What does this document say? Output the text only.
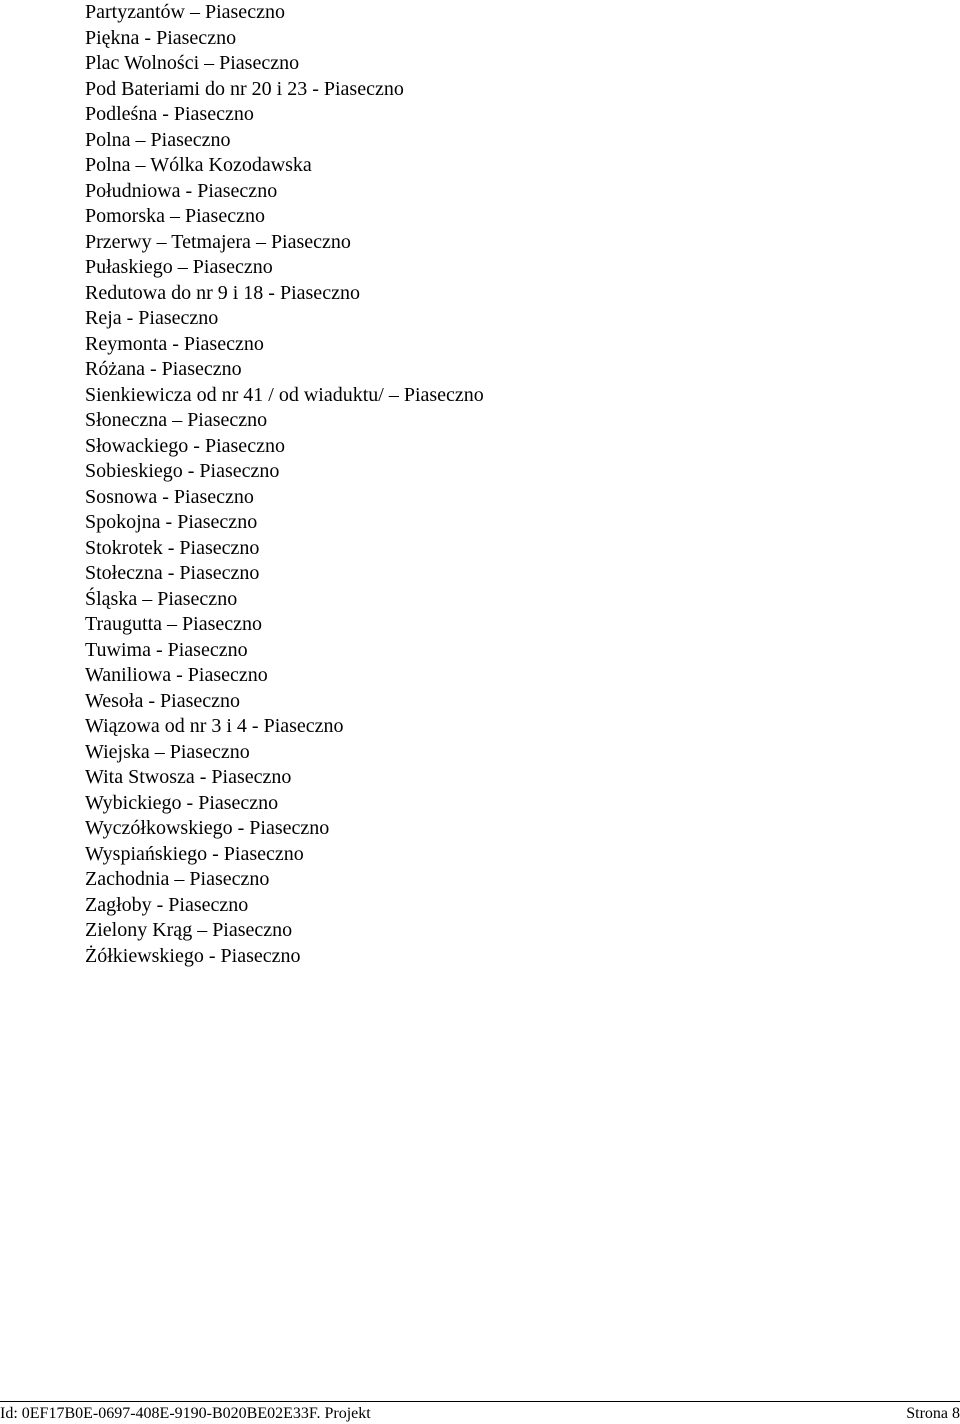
Partyzantów – Piaseczno
Piękna - Piaseczno
Plac Wolności – Piaseczno
Pod Bateriami do nr 20 i 23 - Piaseczno
Podleśna - Piaseczno
Polna – Piaseczno
Polna – Wólka Kozodawska
Południowa - Piaseczno
Pomorska – Piaseczno
Przerwy – Tetmajera – Piaseczno
Pułaskiego – Piaseczno
Redutowa do nr 9 i 18 - Piaseczno
Reja - Piaseczno
Reymonta - Piaseczno
Różana - Piaseczno
Sienkiewicza od nr 41 / od wiaduktu/ – Piaseczno
Słoneczna – Piaseczno
Słowackiego - Piaseczno
Sobieskiego - Piaseczno
Sosnowa - Piaseczno
Spokojna - Piaseczno
Stokrotek - Piaseczno
Stołeczna - Piaseczno
Śląska – Piaseczno
Traugutta – Piaseczno
Tuwima - Piaseczno
Waniliowa - Piaseczno
Wesoła - Piaseczno
Wiązowa od nr 3 i 4 - Piaseczno
Wiejska – Piaseczno
Wita Stwosza - Piaseczno
Wybickiego - Piaseczno
Wyczółkowskiego - Piaseczno
Wyspiańskiego - Piaseczno
Zachodnia – Piaseczno
Zagłoby - Piaseczno
Zielony Krąg – Piaseczno
Żółkiewskiego - Piaseczno
Id: 0EF17B0E-0697-408E-9190-B020BE02E33F. Projekt	Strona 8
